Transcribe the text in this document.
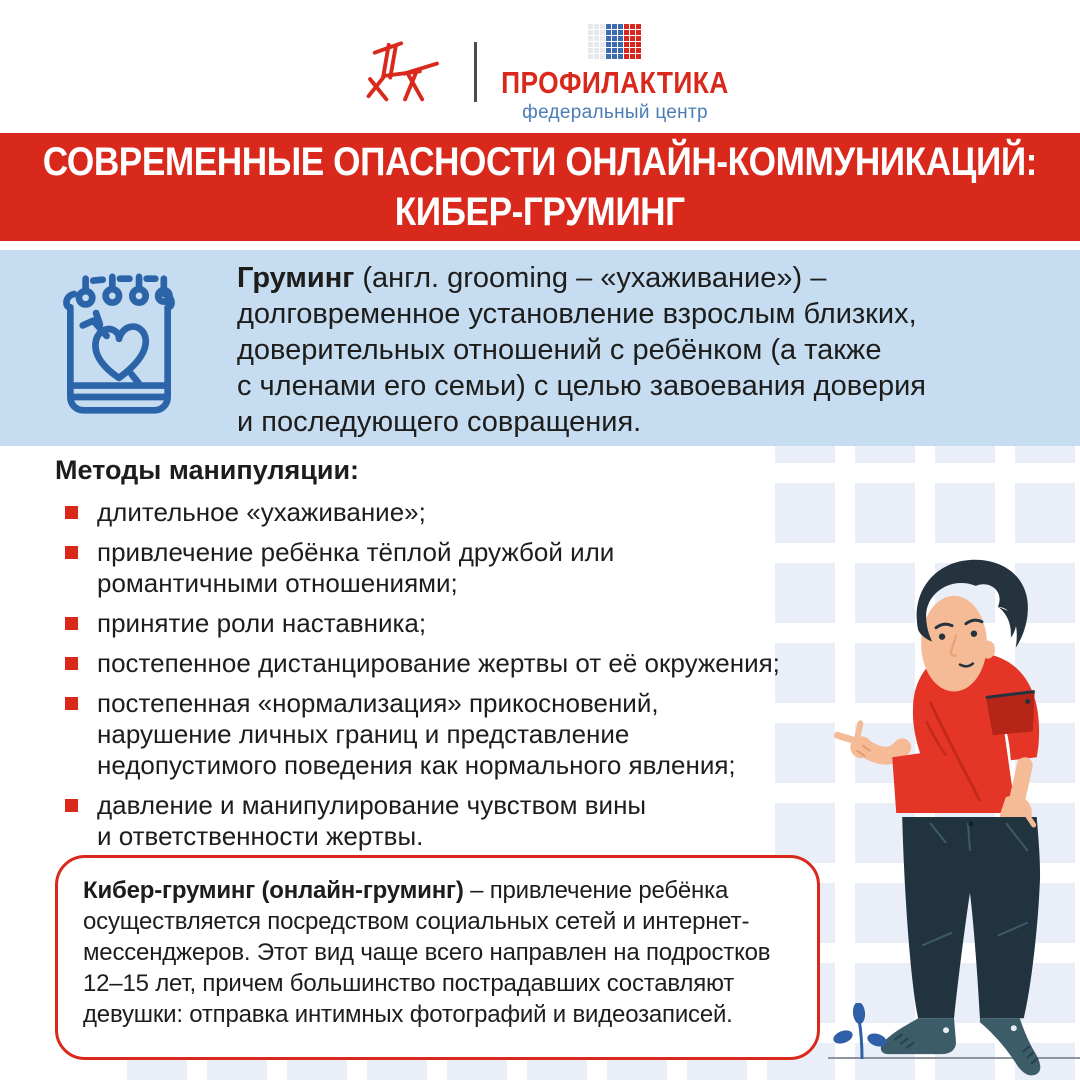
ПРОФИЛАКТИКА
федеральный центр
СОВРЕМЕННЫЕ ОПАСНОСТИ ОНЛАЙН-КОММУНИКАЦИЙ:
КИБЕР-ГРУМИНГ
Груминг (англ. grooming – «ухаживание») – долговременное установление взрослым близких, доверительных отношений с ребёнком (а также с членами его семьи) с целью завоевания доверия и последующего совращения.
Методы манипуляции:
длительное «ухаживание»;
привлечение ребёнка тёплой дружбой или романтичными отношениями;
принятие роли наставника;
постепенное дистанцирование жертвы от её окружения;
постепенная «нормализация» прикосновений, нарушение личных границ и представление недопустимого поведения как нормального явления;
давление и манипулирование чувством вины и ответственности жертвы.
Кибер-груминг (онлайн-груминг) – привлечение ребёнка осуществляется посредством социальных сетей и интернет-мессенджеров. Этот вид чаще всего направлен на подростков 12–15 лет, причем большинство пострадавших составляют девушки: отправка интимных фотографий и видеозаписей.
